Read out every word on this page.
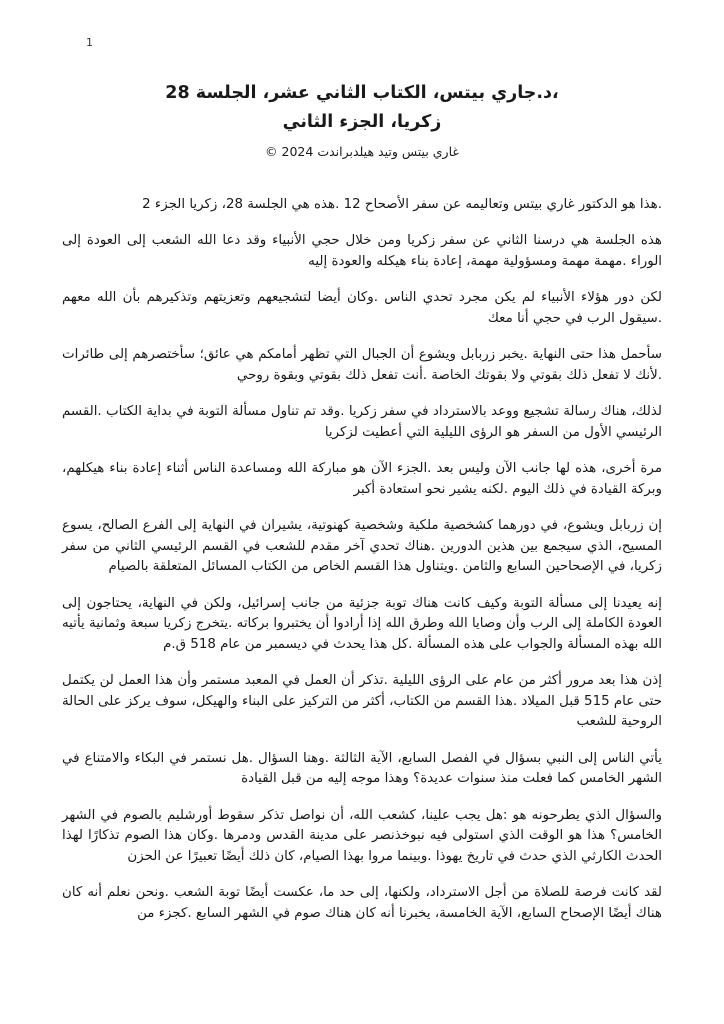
1
،د.جاري بيتس، الكتاب الثاني عشر، الجلسة 28
زكريا، الجزء الثاني
غاري بيتس وتيد هيلدبراندت 2024 ©

.هذا هو الدكتور غاري بيتس وتعاليمه عن سفر الأصحاح 12 .هذه هي الجلسة 28، زكريا الجزء 2

هذه الجلسة هي درسنا الثاني عن سفر زكريا ومن خلال حجي الأنبياء وقد دعا الله الشعب إلى العودة إلى الوراء .مهمة مهمة ومسؤولية مهمة، إعادة بناء هيكله والعودة إليه

لكن دور هؤلاء الأنبياء لم يكن مجرد تحدي الناس .وكان أيضا لتشجيعهم وتعزيتهم وتذكيرهم بأن الله معهم .سيقول الرب في حجي أنا معك

سأحمل هذا حتى النهاية .يخبر زربابل ويشوع أن الجبال التي تظهر أمامكم هي عائق؛ سأختصرهم إلى طائرات .لأنك لا تفعل ذلك بقوتي ولا بقوتك الخاصة .أنت تفعل ذلك بقوتي وبقوة روحي

لذلك، هناك رسالة تشجيع ووعد بالاسترداد في سفر زكريا .وقد تم تناول مسألة التوبة في بداية الكتاب .القسم الرئيسي الأول من السفر هو الرؤى الليلية التي أعطيت لزكريا

مرة أخرى، هذه لها جانب الآن وليس بعد .الجزء الآن هو مباركة الله ومساعدة الناس أثناء إعادة بناء هيكلهم، وبركة القيادة في ذلك اليوم .لكنه يشير نحو استعادة أكبر

إن زربابل ويشوع، في دورهما كشخصية ملكية وشخصية كهنوتية، يشيران في النهاية إلى الفرع الصالح، يسوع المسيح، الذي سيجمع بين هذين الدورين .هناك تحدي آخر مقدم للشعب في القسم الرئيسي الثاني من سفر زكريا، في الإصحاحين السابع والثامن .ويتناول هذا القسم الخاص من الكتاب المسائل المتعلقة بالصيام

إنه يعيدنا إلى مسألة التوبة وكيف كانت هناك توبة جزئية من جانب إسرائيل، ولكن في النهاية، يحتاجون إلى العودة الكاملة إلى الرب وأن وصايا الله وطرق الله إذا أرادوا أن يختبروا بركاته .يتخرج زكريا سبعة وثمانية يأتيه الله بهذه المسألة والجواب على هذه المسألة .كل هذا يحدث في ديسمبر من عام 518 ق.م

إذن هذا بعد مرور أكثر من عام على الرؤى الليلية .تذكر أن العمل في المعبد مستمر وأن هذا العمل لن يكتمل حتى عام 515 قبل الميلاد .هذا القسم من الكتاب، أكثر من التركيز على البناء والهيكل، سوف يركز على الحالة الروحية للشعب

يأتي الناس إلى النبي بسؤال في الفصل السابع، الآية الثالثة .وهنا السؤال .هل نستمر في البكاء والامتناع في الشهر الخامس كما فعلت منذ سنوات عديدة؟ وهذا موجه إليه من قبل القيادة

والسؤال الذي يطرحونه هو :هل يجب علينا، كشعب الله، أن نواصل تذكر سقوط أورشليم بالصوم في الشهر الخامس؟ هذا هو الوقت الذي استولى فيه نبوخذنصر على مدينة القدس ودمرها .وكان هذا الصوم تذكارًا لهذا الحدث الكارثي الذي حدث في تاريخ يهوذا .وبينما مروا بهذا الصيام، كان ذلك أيضًا تعبيرًا عن الحزن

لقد كانت فرصة للصلاة من أجل الاسترداد، ولكنها، إلى حد ما، عكست أيضًا توبة الشعب .ونحن نعلم أنه كان هناك أيضًا الإصحاح السابع، الآية الخامسة، يخبرنا أنه كان هناك صوم في الشهر السابع .كجزء من
